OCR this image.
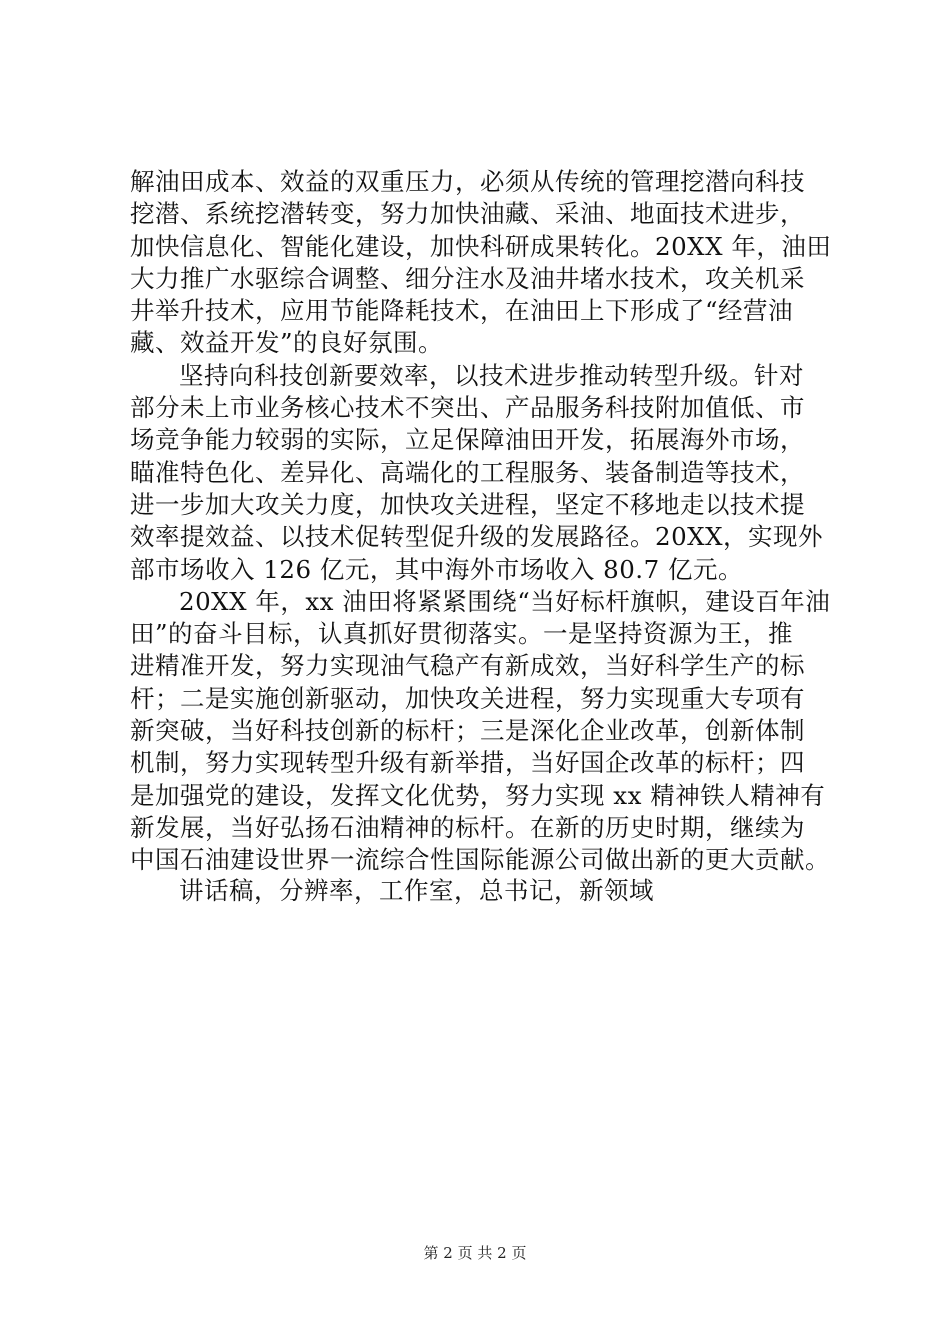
解油田成本、效益的双重压力，必须从传统的管理挖潜向科技
挖潜、系统挖潜转变，努力加快油藏、采油、地面技术进步，
加快信息化、智能化建设，加快科研成果转化。20XX 年，油田
大力推广水驱综合调整、细分注水及油井堵水技术，攻关机采
井举升技术，应用节能降耗技术，在油田上下形成了“经营油
藏、效益开发”的良好氛围。
坚持向科技创新要效率，以技术进步推动转型升级。针对
部分未上市业务核心技术不突出、产品服务科技附加值低、市
场竞争能力较弱的实际，立足保障油田开发，拓展海外市场，
瞄准特色化、差异化、高端化的工程服务、装备制造等技术，
进一步加大攻关力度，加快攻关进程，坚定不移地走以技术提
效率提效益、以技术促转型促升级的发展路径。20XX，实现外
部市场收入 126 亿元，其中海外市场收入 80.7 亿元。
20XX 年，xx 油田将紧紧围绕“当好标杆旗帜，建设百年油
田”的奋斗目标，认真抓好贯彻落实。一是坚持资源为王，推
进精准开发，努力实现油气稳产有新成效，当好科学生产的标
杆；二是实施创新驱动，加快攻关进程，努力实现重大专项有
新突破，当好科技创新的标杆；三是深化企业改革，创新体制
机制，努力实现转型升级有新举措，当好国企改革的标杆；四
是加强党的建设，发挥文化优势，努力实现 xx 精神铁人精神有
新发展，当好弘扬石油精神的标杆。在新的历史时期，继续为
中国石油建设世界一流综合性国际能源公司做出新的更大贡献。
讲话稿，分辨率，工作室，总书记，新领域
第 2 页 共 2 页
